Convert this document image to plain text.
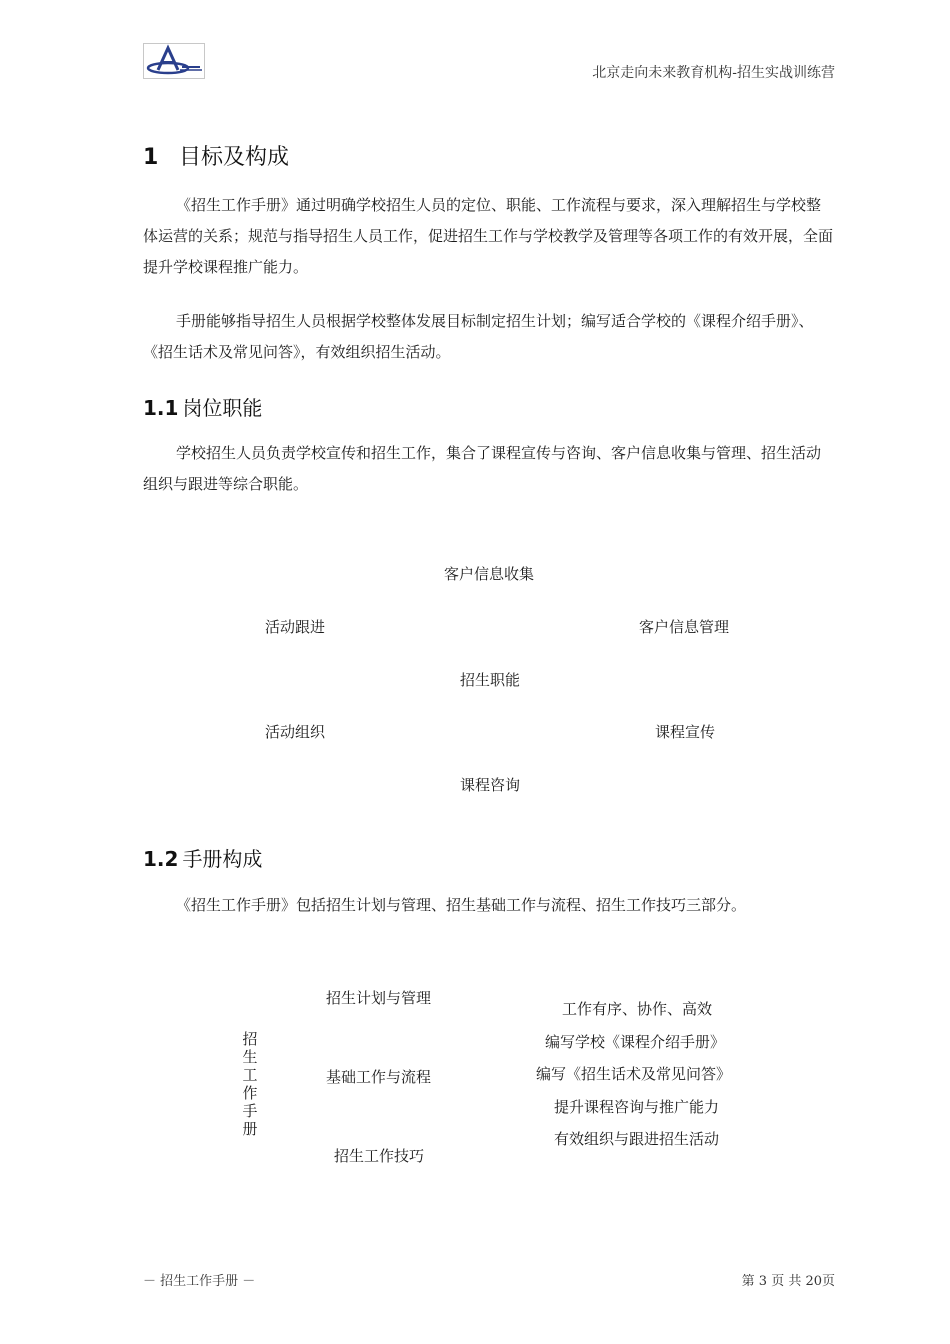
北京走向未来教育机构-招生实战训练营
1 目标及构成
《招生工作手册》通过明确学校招生人员的定位、职能、工作流程与要求，深入理解招生与学校整体运营的关系；规范与指导招生人员工作，促进招生工作与学校教学及管理等各项工作的有效开展，全面提升学校课程推广能力。
手册能够指导招生人员根据学校整体发展目标制定招生计划；编写适合学校的《课程介绍手册》、《招生话术及常见问答》，有效组织招生活动。
1.1 岗位职能
学校招生人员负责学校宣传和招生工作，集合了课程宣传与咨询、客户信息收集与管理、招生活动组织与跟进等综合职能。
客户信息收集
活动跟进	客户信息管理
招生职能
活动组织	课程宣传
课程咨询
1.2 手册构成
《招生工作手册》包括招生计划与管理、招生基础工作与流程、招生工作技巧三部分。
招生工作手册
招生计划与管理
基础工作与流程
招生工作技巧
工作有序、协作、高效
编写学校《课程介绍手册》
编写《招生话术及常见问答》
提升课程咨询与推广能力
有效组织与跟进招生活动
－ 招生工作手册 －	第 3 页 共 20页
